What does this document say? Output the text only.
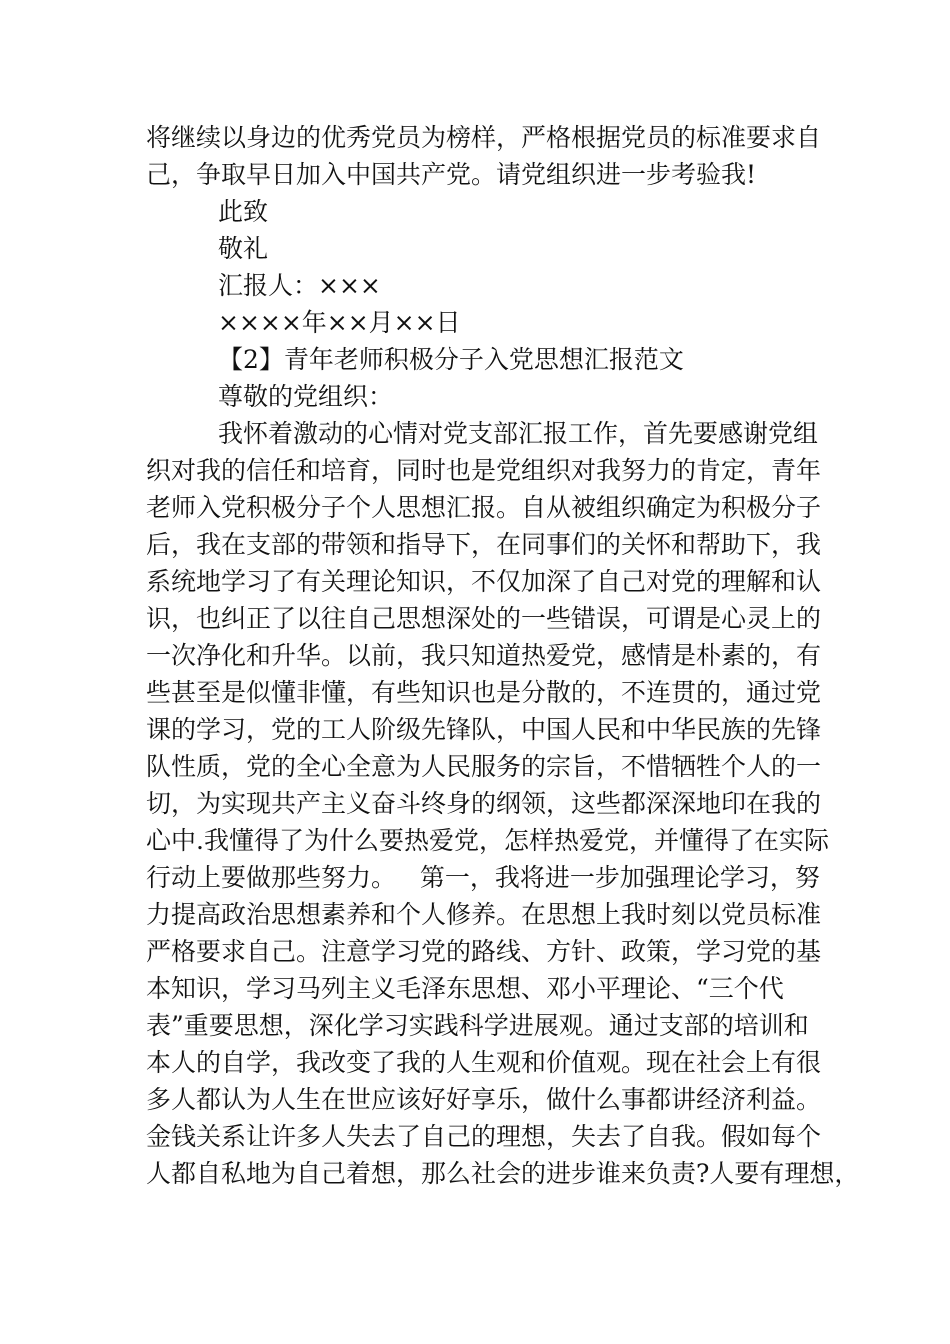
将继续以身边的优秀党员为榜样，严格根据党员的标准要求自
己，争取早日加入中国共产党。请党组织进一步考验我!
此致
敬礼
汇报人：×××
××××年××月××日
【2】青年老师积极分子入党思想汇报范文
尊敬的党组织：
我怀着激动的心情对党支部汇报工作，首先要感谢党组
织对我的信任和培育，同时也是党组织对我努力的肯定，青年
老师入党积极分子个人思想汇报。自从被组织确定为积极分子
后，我在支部的带领和指导下，在同事们的关怀和帮助下，我
系统地学习了有关理论知识，不仅加深了自己对党的理解和认
识，也纠正了以往自己思想深处的一些错误，可谓是心灵上的
一次净化和升华。以前，我只知道热爱党，感情是朴素的，有
些甚至是似懂非懂，有些知识也是分散的，不连贯的，通过党
课的学习，党的工人阶级先锋队，中国人民和中华民族的先锋
队性质，党的全心全意为人民服务的宗旨，不惜牺牲个人的一
切，为实现共产主义奋斗终身的纲领，这些都深深地印在我的
心中.我懂得了为什么要热爱党，怎样热爱党，并懂得了在实际
行动上要做那些努力。   第一，我将进一步加强理论学习，努
力提高政治思想素养和个人修养。在思想上我时刻以党员标准
严格要求自己。注意学习党的路线、方针、政策，学习党的基
本知识，学习马列主义毛泽东思想、邓小平理论、“三个代
表”重要思想，深化学习实践科学进展观。通过支部的培训和
本人的自学，我改变了我的人生观和价值观。现在社会上有很
多人都认为人生在世应该好好享乐，做什么事都讲经济利益。
金钱关系让许多人失去了自己的理想，失去了自我。假如每个
人都自私地为自己着想，那么社会的进步谁来负责?人要有理想，
